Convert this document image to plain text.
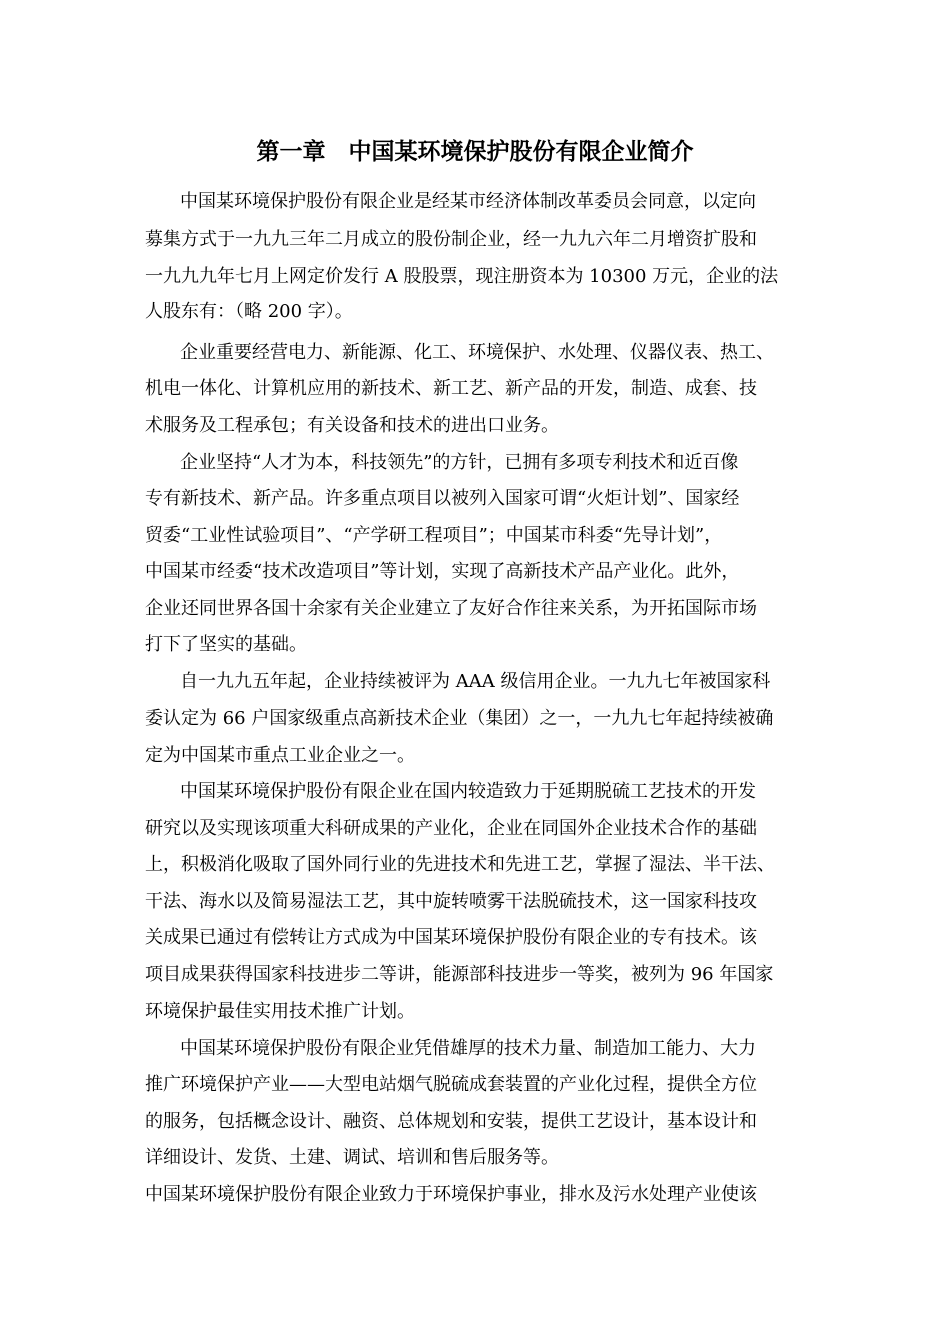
第一章　中国某环境保护股份有限企业简介

中国某环境保护股份有限企业是经某市经济体制改革委员会同意，以定向

募集方式于一九九三年二月成立的股份制企业，经一九九六年二月增资扩股和

一九九九年七月上网定价发行 A 股股票，现注册资本为 10300 万元，企业的法

人股东有：（略 200 字）。

企业重要经营电力、新能源、化工、环境保护、水处理、仪器仪表、热工、

机电一体化、计算机应用的新技术、新工艺、新产品的开发，制造、成套、技

术服务及工程承包；有关设备和技术的进出口业务。

企业坚持“人才为本，科技领先”的方针，已拥有多项专利技术和近百像

专有新技术、新产品。许多重点项目以被列入国家可谓“火炬计划”、国家经

贸委“工业性试验项目”、“产学研工程项目”；中国某市科委“先导计划”，

中国某市经委“技术改造项目”等计划，实现了高新技术产品产业化。此外，

企业还同世界各国十余家有关企业建立了友好合作往来关系，为开拓国际市场

打下了坚实的基础。

自一九九五年起，企业持续被评为 AAA 级信用企业。一九九七年被国家科

委认定为 66 户国家级重点高新技术企业（集团）之一，一九九七年起持续被确

定为中国某市重点工业企业之一。

中国某环境保护股份有限企业在国内较造致力于延期脱硫工艺技术的开发

研究以及实现该项重大科研成果的产业化，企业在同国外企业技术合作的基础

上，积极消化吸取了国外同行业的先进技术和先进工艺，掌握了湿法、半干法、

干法、海水以及简易湿法工艺，其中旋转喷雾干法脱硫技术，这一国家科技攻

关成果已通过有偿转让方式成为中国某环境保护股份有限企业的专有技术。该

项目成果获得国家科技进步二等讲，能源部科技进步一等奖，被列为 96 年国家

环境保护最佳实用技术推广计划。

中国某环境保护股份有限企业凭借雄厚的技术力量、制造加工能力、大力

推广环境保护产业——大型电站烟气脱硫成套装置的产业化过程，提供全方位

的服务，包括概念设计、融资、总体规划和安装，提供工艺设计，基本设计和

详细设计、发货、土建、调试、培训和售后服务等。

中国某环境保护股份有限企业致力于环境保护事业，排水及污水处理产业使该
